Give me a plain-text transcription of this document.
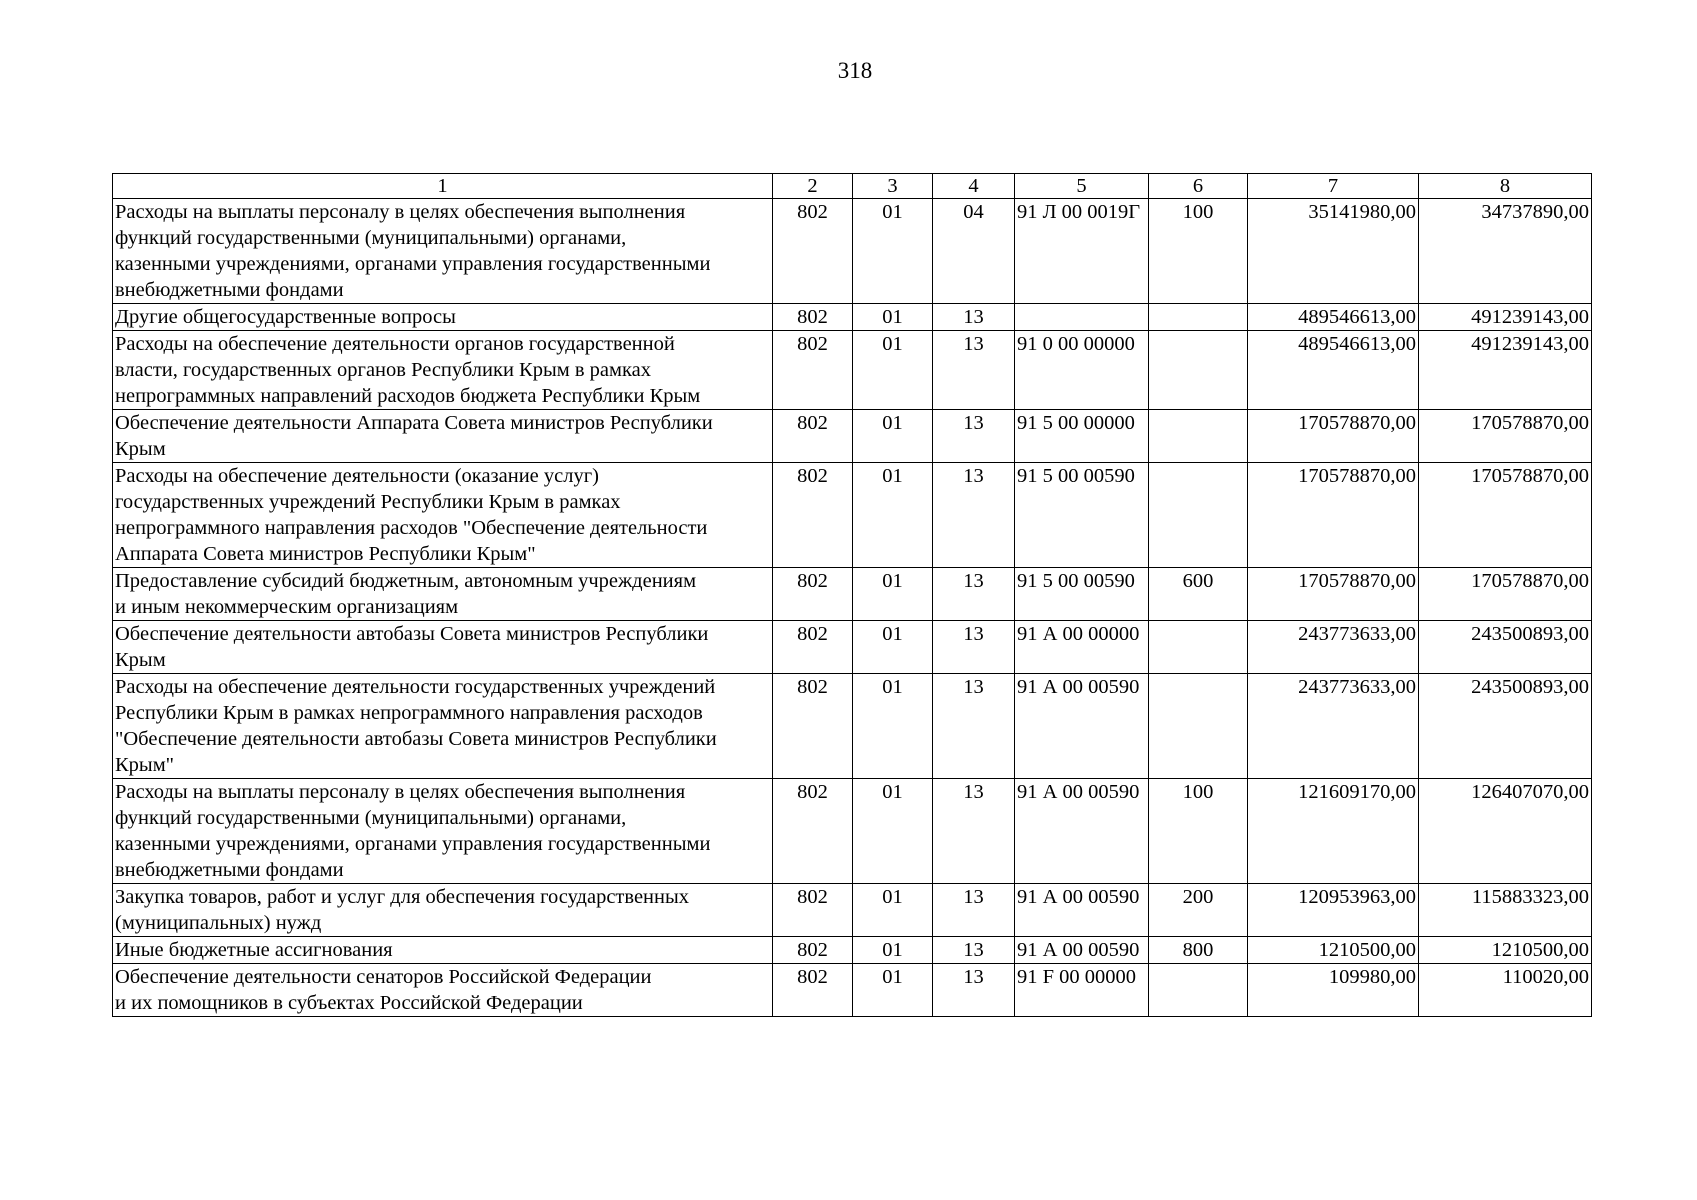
318
1	2	3	4	5	6	7	8
Расходы на выплаты персоналу в целях обеспечения выполнения
функций государственными (муниципальными) органами,
казенными учреждениями, органами управления государственными
внебюджетными фондами	802	01	04	91 Л 00 0019Г	100	35141980,00	34737890,00
Другие общегосударственные вопросы	802	01	13			489546613,00	491239143,00
Расходы на обеспечение деятельности органов государственной
власти, государственных органов Республики Крым в рамках
непрограммных направлений расходов бюджета Республики Крым	802	01	13	91 0 00 00000		489546613,00	491239143,00
Обеспечение деятельности Аппарата Совета министров Республики
Крым	802	01	13	91 5 00 00000		170578870,00	170578870,00
Расходы на обеспечение деятельности (оказание услуг)
государственных учреждений Республики Крым в рамках
непрограммного направления расходов "Обеспечение деятельности
Аппарата Совета министров Республики Крым"	802	01	13	91 5 00 00590		170578870,00	170578870,00
Предоставление субсидий бюджетным, автономным учреждениям
и иным некоммерческим организациям	802	01	13	91 5 00 00590	600	170578870,00	170578870,00
Обеспечение деятельности автобазы Совета министров Республики
Крым	802	01	13	91 А 00 00000		243773633,00	243500893,00
Расходы на обеспечение деятельности государственных учреждений
Республики Крым в рамках непрограммного направления расходов
"Обеспечение деятельности автобазы Совета министров Республики
Крым"	802	01	13	91 А 00 00590		243773633,00	243500893,00
Расходы на выплаты персоналу в целях обеспечения выполнения
функций государственными (муниципальными) органами,
казенными учреждениями, органами управления государственными
внебюджетными фондами	802	01	13	91 А 00 00590	100	121609170,00	126407070,00
Закупка товаров, работ и услуг для обеспечения государственных
(муниципальных) нужд	802	01	13	91 А 00 00590	200	120953963,00	115883323,00
Иные бюджетные ассигнования	802	01	13	91 А 00 00590	800	1210500,00	1210500,00
Обеспечение деятельности сенаторов Российской Федерации
и их помощников в субъектах Российской Федерации	802	01	13	91 F 00 00000		109980,00	110020,00
